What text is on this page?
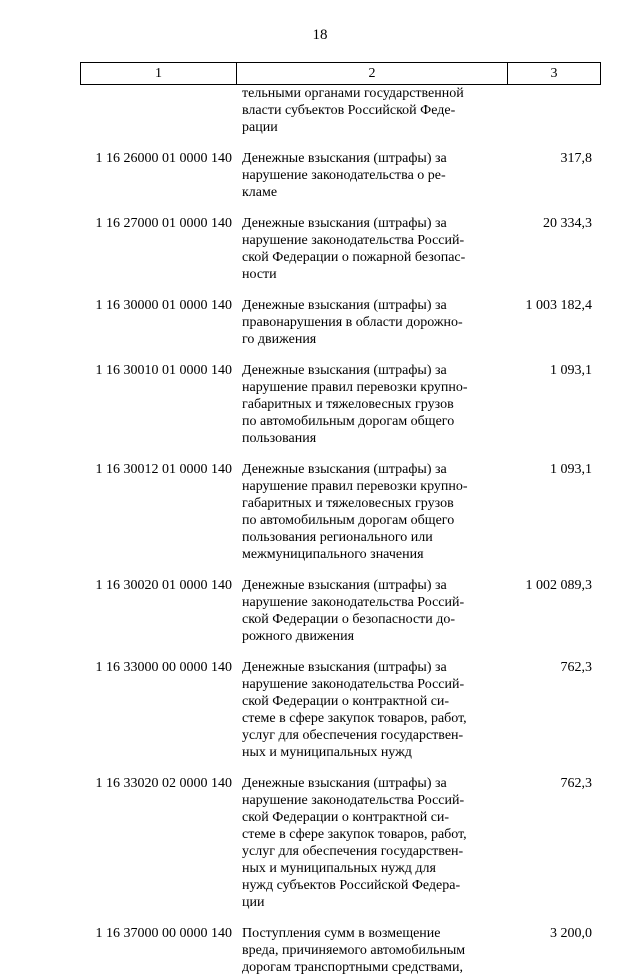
18
1	2	3
тельными органами государственной
власти субъектов Российской Феде-
рации
1 16 26000 01 0000 140 Денежные взыскания (штрафы) за
нарушение законодательства о ре-
кламе
317,8
1 16 27000 01 0000 140 Денежные взыскания (штрафы) за
нарушение законодательства Россий-
ской Федерации о пожарной безопас-
ности
20 334,3
1 16 30000 01 0000 140 Денежные взыскания (штрафы) за
правонарушения в области дорожно-
го движения
1 003 182,4
1 16 30010 01 0000 140 Денежные взыскания (штрафы) за
нарушение правил перевозки крупно-
габаритных и тяжеловесных грузов
по автомобильным дорогам общего
пользования
1 093,1
1 16 30012 01 0000 140 Денежные взыскания (штрафы) за
нарушение правил перевозки крупно-
габаритных и тяжеловесных грузов
по автомобильным дорогам общего
пользования регионального или
межмуниципального значения
1 093,1
1 16 30020 01 0000 140 Денежные взыскания (штрафы) за
нарушение законодательства Россий-
ской Федерации о безопасности до-
рожного движения
1 002 089,3
1 16 33000 00 0000 140 Денежные взыскания (штрафы) за
нарушение законодательства Россий-
ской Федерации о контрактной си-
стеме в сфере закупок товаров, работ,
услуг для обеспечения государствен-
ных и муниципальных нужд
762,3
1 16 33020 02 0000 140 Денежные взыскания (штрафы) за
нарушение законодательства Россий-
ской Федерации о контрактной си-
стеме в сфере закупок товаров, работ,
услуг для обеспечения государствен-
ных и муниципальных нужд для
нужд субъектов Российской Федера-
ции
762,3
1 16 37000 00 0000 140 Поступления сумм в возмещение
вреда, причиняемого автомобильным
дорогам транспортными средствами,
3 200,0
